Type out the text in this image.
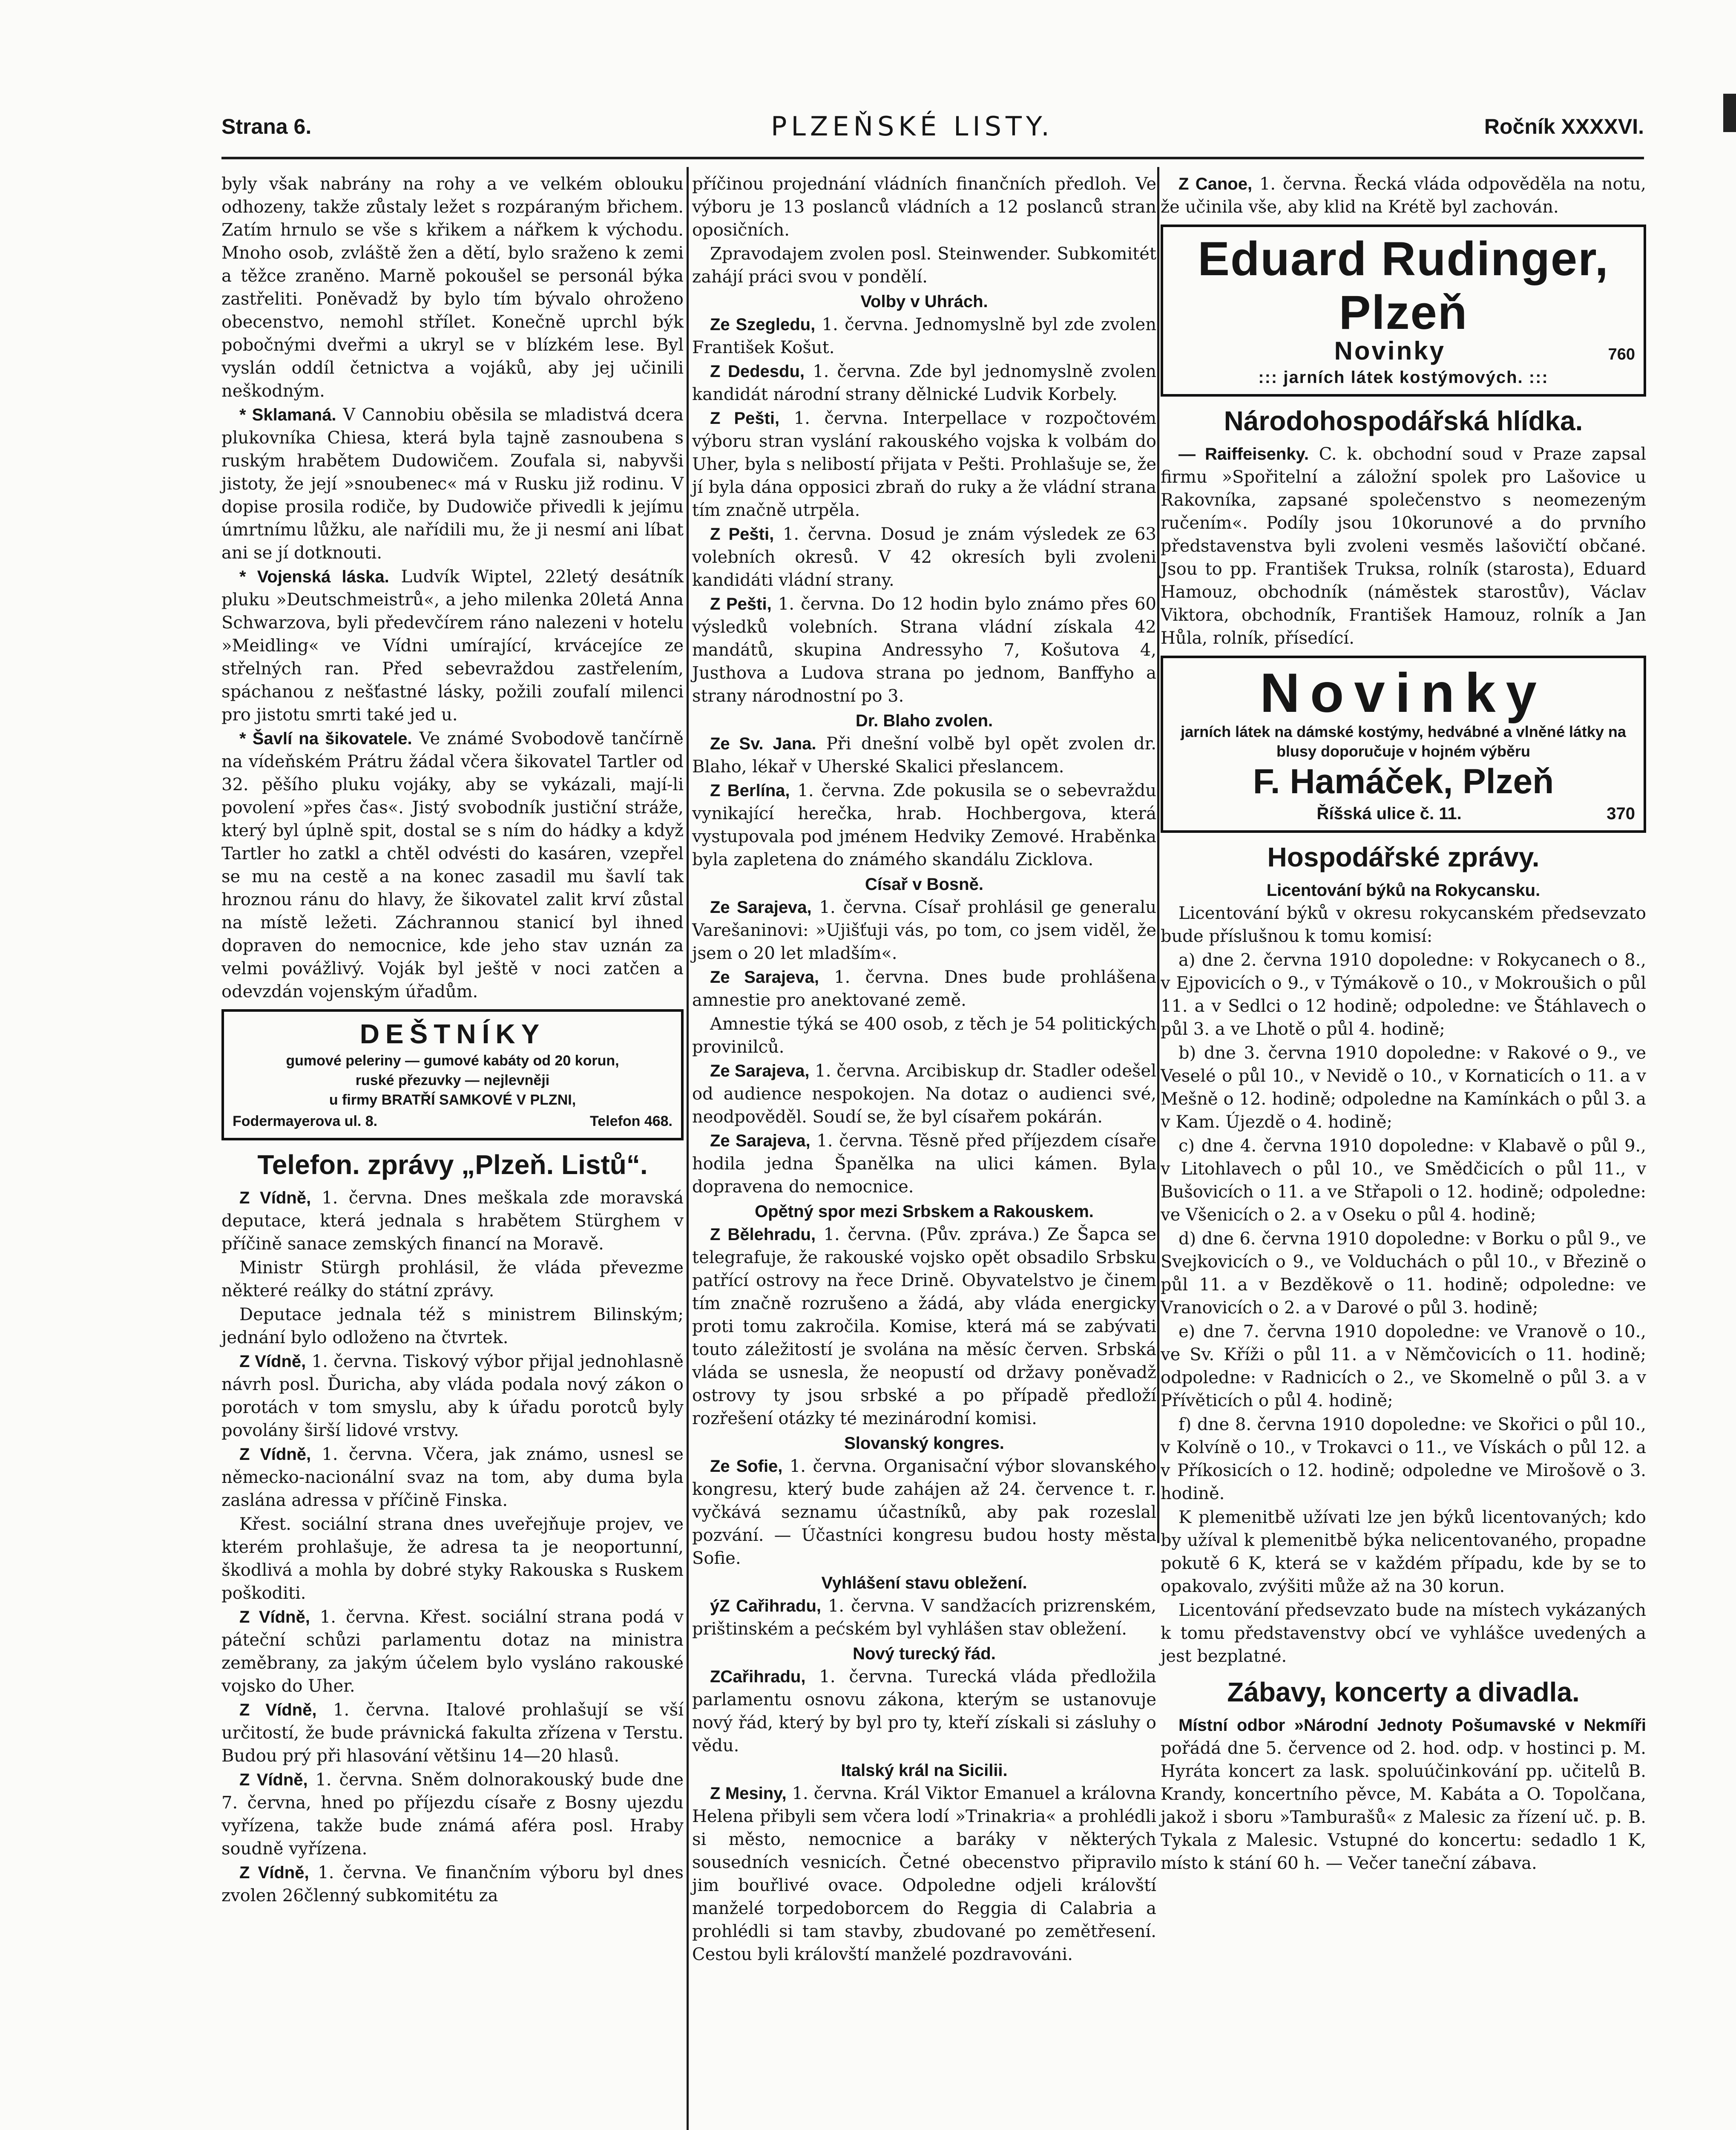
Strana 6.	PLZEŇSKÉ LISTY.	Ročník XXXXVI.

byly však nabrány na rohy a ve velkém oblouku odhozeny, takže zůstaly ležet s rozpáraným břichem. Zatím hrnulo se vše s křikem a nářkem k východu. Mnoho osob, zvláště žen a dětí, bylo sraženo k zemi a těžce zraněno. Marně pokoušel se personál býka zastřeliti. Poněvadž by bylo tím bývalo ohroženo obecenstvo, nemohl střílet. Konečně uprchl býk pobočnými dveřmi a ukryl se v blízkém lese. Byl vyslán oddíl četnictva a vojáků, aby jej učinili neškodným.

* Sklamaná. V Cannobiu oběsila se mladistvá dcera plukovníka Chiesa, která byla tajně zasnoubena s ruským hrabětem Dudowičem. Zoufala si, nabyvši jistoty, že její »snoubenec« má v Rusku již rodinu. V dopise prosila rodiče, by Dudowiče přivedli k jejímu úmrtnímu lůžku, ale nařídili mu, že ji nesmí ani líbat ani se jí dotknouti.

* Vojenská láska. Ludvík Wiptel, 22letý desátník pluku »Deutschmeistrů«, a jeho milenka 20letá Anna Schwarzova, byli předevčírem ráno nalezeni v hotelu »Meidling« ve Vídni umírající, krvácejíce ze střelných ran. Před sebevraždou zastřelením, spáchanou z nešťastné lásky, požili zoufalí milenci pro jistotu smrti také jed u.

* Šavlí na šikovatele. Ve známé Svobodově tančírně na vídeňském Prátru žádal včera šikovatel Tartler od 32. pěšího pluku vojáky, aby se vykázali, mají-li povolení »přes čas«. Jistý svobodník justiční stráže, který byl úplně spit, dostal se s ním do hádky a když Tartler ho zatkl a chtěl odvésti do kasáren, vzepřel se mu na cestě a na konec zasadil mu šavlí tak hroznou ránu do hlavy, že šikovatel zalit krví zůstal na místě ležeti. Záchrannou stanicí byl ihned dopraven do nemocnice, kde jeho stav uznán za velmi povážlivý. Voják byl ještě v noci zatčen a odevzdán vojenským úřadům.

DEŠTNÍKY
gumové peleriny — gumové kabáty od 20 korun,
ruské přezuvky — nejlevněji
u firmy BRATŘÍ SAMKOVÉ V PLZNI,
Fodermayerova ul. 8.	Telefon 468.
Telefon. zprávy „Plzeň. Listů“.

Z Vídně, 1. června. Dnes meškala zde moravská deputace, která jednala s hrabětem Stürghem v příčině sanace zemských financí na Moravě.

Ministr Stürgh prohlásil, že vláda převezme některé reálky do státní zprávy.

Deputace jednala též s ministrem Bilinským; jednání bylo odloženo na čtvrtek.

Z Vídně, 1. června. Tiskový výbor přijal jednohlasně návrh posl. Ďuricha, aby vláda podala nový zákon o porotách v tom smyslu, aby k úřadu porotců byly povolány širší lidové vrstvy.

Z Vídně, 1. června. Včera, jak známo, usnesl se německo-nacionální svaz na tom, aby duma byla zaslána adressa v příčině Finska.

Křest. sociální strana dnes uveřejňuje projev, ve kterém prohlašuje, že adresa ta je neoportunní, škodlivá a mohla by dobré styky Rakouska s Ruskem poškoditi.

Z Vídně, 1. června. Křest. sociální strana podá v páteční schůzi parlamentu dotaz na ministra zeměbrany, za jakým účelem bylo vysláno rakouské vojsko do Uher.

Z Vídně, 1. června. Italové prohlašují se vší určitostí, že bude právnická fakulta zřízena v Terstu. Budou prý při hlasování většinu 14—20 hlasů.

Z Vídně, 1. června. Sněm dolnorakouský bude dne 7. června, hned po příjezdu císaře z Bosny ujezdu vyřízena, takže bude známá aféra posl. Hraby soudně vyřízena.

Z Vídně, 1. června. Ve finančním výboru byl dnes zvolen 26členný subkomitétu za

příčinou projednání vládních finančních předloh. Ve výboru je 13 poslanců vládních a 12 poslanců stran oposičních.

Zpravodajem zvolen posl. Steinwender. Subkomitét zahájí práci svou v pondělí.

Volby v Uhrách.

Ze Szegledu, 1. června. Jednomyslně byl zde zvolen František Košut.

Z Dedesdu, 1. června. Zde byl jednomyslně zvolen kandidát národní strany dělnické Ludvik Korbely.

Z Pešti, 1. června. Interpellace v rozpočtovém výboru stran vyslání rakouského vojska k volbám do Uher, byla s nelibostí přijata v Pešti. Prohlašuje se, že jí byla dána opposici zbraň do ruky a že vládní strana tím značně utrpěla.

Z Pešti, 1. června. Dosud je znám výsledek ze 63 volebních okresů. V 42 okresích byli zvoleni kandidáti vládní strany.

Z Pešti, 1. června. Do 12 hodin bylo známo přes 60 výsledků volebních. Strana vládní získala 42 mandátů, skupina Andressyho 7, Košutova 4, Justhova a Ludova strana po jednom, Banffyho a strany národnostní po 3.

Dr. Blaho zvolen.

Ze Sv. Jana. Při dnešní volbě byl opět zvolen dr. Blaho, lékař v Uherské Skalici přeslancem.

Z Berlína, 1. června. Zde pokusila se o sebevraždu vynikající herečka, hrab. Hochbergova, která vystupovala pod jménem Hedviky Zemové. Hraběnka byla zapletena do známého skandálu Zicklova.

Císař v Bosně.

Ze Sarajeva, 1. června. Císař prohlásil ge generalu Varešaninovi: »Ujišťuji vás, po tom, co jsem viděl, že jsem o 20 let mladším«.

Ze Sarajeva, 1. června. Dnes bude prohlášena amnestie pro anektované země.

Amnestie týká se 400 osob, z těch je 54 politických provinilců.

Ze Sarajeva, 1. června. Arcibiskup dr. Stadler odešel od audience nespokojen. Na dotaz o audienci své, neodpověděl. Soudí se, že byl císařem pokárán.

Ze Sarajeva, 1. června. Těsně před příjezdem císaře hodila jedna Španělka na ulici kámen. Byla dopravena do nemocnice.

Opětný spor mezi Srbskem a Rakouskem.

Z Bělehradu, 1. června. (Pův. zpráva.) Ze Šapca se telegrafuje, že rakouské vojsko opět obsadilo Srbsku patřící ostrovy na řece Drině. Obyvatelstvo je činem tím značně rozrušeno a žádá, aby vláda energicky proti tomu zakročila. Komise, která má se zabývati touto záležitostí je svolána na měsíc červen. Srbská vláda se usnesla, že neopustí od državy poněvadž ostrovy ty jsou srbské a po případě předloží rozřešení otázky té mezinárodní komisi.

Slovanský kongres.

Ze Sofie, 1. června. Organisační výbor slovanského kongresu, který bude zahájen až 24. července t. r. vyčkává seznamu účastníků, aby pak rozeslal pozvání. — Účastníci kongresu budou hosty města Sofie.

Vyhlášení stavu obležení.

ýZ Cařihradu, 1. června. V sandžacích prizrenském, prištinském a pećském byl vyhlášen stav obležení.

Nový turecký řád.

ZCařihradu, 1. června. Turecká vláda předložila parlamentu osnovu zákona, kterým se ustanovuje nový řád, který by byl pro ty, kteří získali si zásluhy o vědu.

Italský král na Sicilii.

Z Mesiny, 1. června. Král Viktor Emanuel a královna Helena přibyli sem včera lodí »Trinakria« a prohlédli si město, nemocnice a baráky v některých sousedních vesnicích. Četné obecenstvo připravilo jim bouřlivé ovace. Odpoledne odjeli královští manželé torpedoborcem do Reggia di Calabria a prohlédli si tam stavby, zbudované po zemětřesení. Cestou byli královští manželé pozdravováni.

Z Canoe, 1. června. Řecká vláda odpověděla na notu, že učinila vše, aby klid na Krétě byl zachován.

Eduard Rudinger, Plzeň
Novinky	760
::: jarních látek kostýmových. :::
Národohospodářská hlídka.

— Raiffeisenky. C. k. obchodní soud v Praze zapsal firmu »Spořitelní a záložní spolek pro Lašovice u Rakovníka, zapsané společenstvo s neomezeným ručením«. Podíly jsou 10korunové a do prvního představenstva byli zvoleni vesměs lašovičtí občané. Jsou to pp. František Truksa, rolník (starosta), Eduard Hamouz, obchodník (náměstek starostův), Václav Viktora, obchodník, František Hamouz, rolník a Jan Hůla, rolník, přísedící.

Novinky
jarních látek na dámské kostýmy, hedvábné a vlněné látky na blusy doporučuje v hojném výběru
F. Hamáček, Plzeň
Říšská ulice č. 11.	370
Hospodářské zprávy.
Licentování býků na Rokycansku.

Licentování býků v okresu rokycanském předsevzato bude příslušnou k tomu komisí:

a) dne 2. června 1910 dopoledne: v Rokycanech o 8., v Ejpovicích o 9., v Týmákově o 10., v Mokroušich o půl 11. a v Sedlci o 12 hodině; odpoledne: ve Štáhlavech o půl 3. a ve Lhotě o půl 4. hodině;

b) dne 3. června 1910 dopoledne: v Rakové o 9., ve Veselé o půl 10., v Nevidě o 10., v Kornaticích o 11. a v Mešně o 12. hodině; odpoledne na Kamínkách o půl 3. a v Kam. Újezdě o 4. hodině;

c) dne 4. června 1910 dopoledne: v Klabavě o půl 9., v Litohlavech o půl 10., ve Smědčicích o půl 11., v Bušovicích o 11. a ve Střapoli o 12. hodině; odpoledne: ve Všenicích o 2. a v Oseku o půl 4. hodině;

d) dne 6. června 1910 dopoledne: v Borku o půl 9., ve Svejkovicích o 9., ve Volduchách o půl 10., v Březině o půl 11. a v Bezděkově o 11. hodině; odpoledne: ve Vranovicích o 2. a v Darové o půl 3. hodině;

e) dne 7. června 1910 dopoledne: ve Vranově o 10., ve Sv. Kříži o půl 11. a v Němčovicích o 11. hodině; odpoledne: v Radnicích o 2., ve Skomelně o půl 3. a v Přívěticích o půl 4. hodině;

f) dne 8. června 1910 dopoledne: ve Skořici o půl 10., v Kolvíně o 10., v Trokavci o 11., ve Vískách o půl 12. a v Příkosicích o 12. hodině; odpoledne ve Mirošově o 3. hodině.

K plemenitbě užívati lze jen býků licentovaných; kdo by užíval k plemenitbě býka nelicentovaného, propadne pokutě 6 K, která se v každém případu, kde by se to opakovalo, zvýšiti může až na 30 korun.

Licentování předsevzato bude na místech vykázaných k tomu představenstvy obcí ve vyhlášce uvedených a jest bezplatné.

Zábavy, koncerty a divadla.

Místní odbor »Národní Jednoty Pošumavské v Nekmíři pořádá dne 5. července od 2. hod. odp. v hostinci p. M. Hyráta koncert za lask. spoluúčinkování pp. učitelů B. Krandy, koncertního pěvce, M. Kabáta a O. Topolčana, jakož i sboru »Tamburašů« z Malesic za řízení uč. p. B. Tykala z Malesic. Vstupné do koncertu: sedadlo 1 K, místo k stání 60 h. — Večer taneční zábava.
